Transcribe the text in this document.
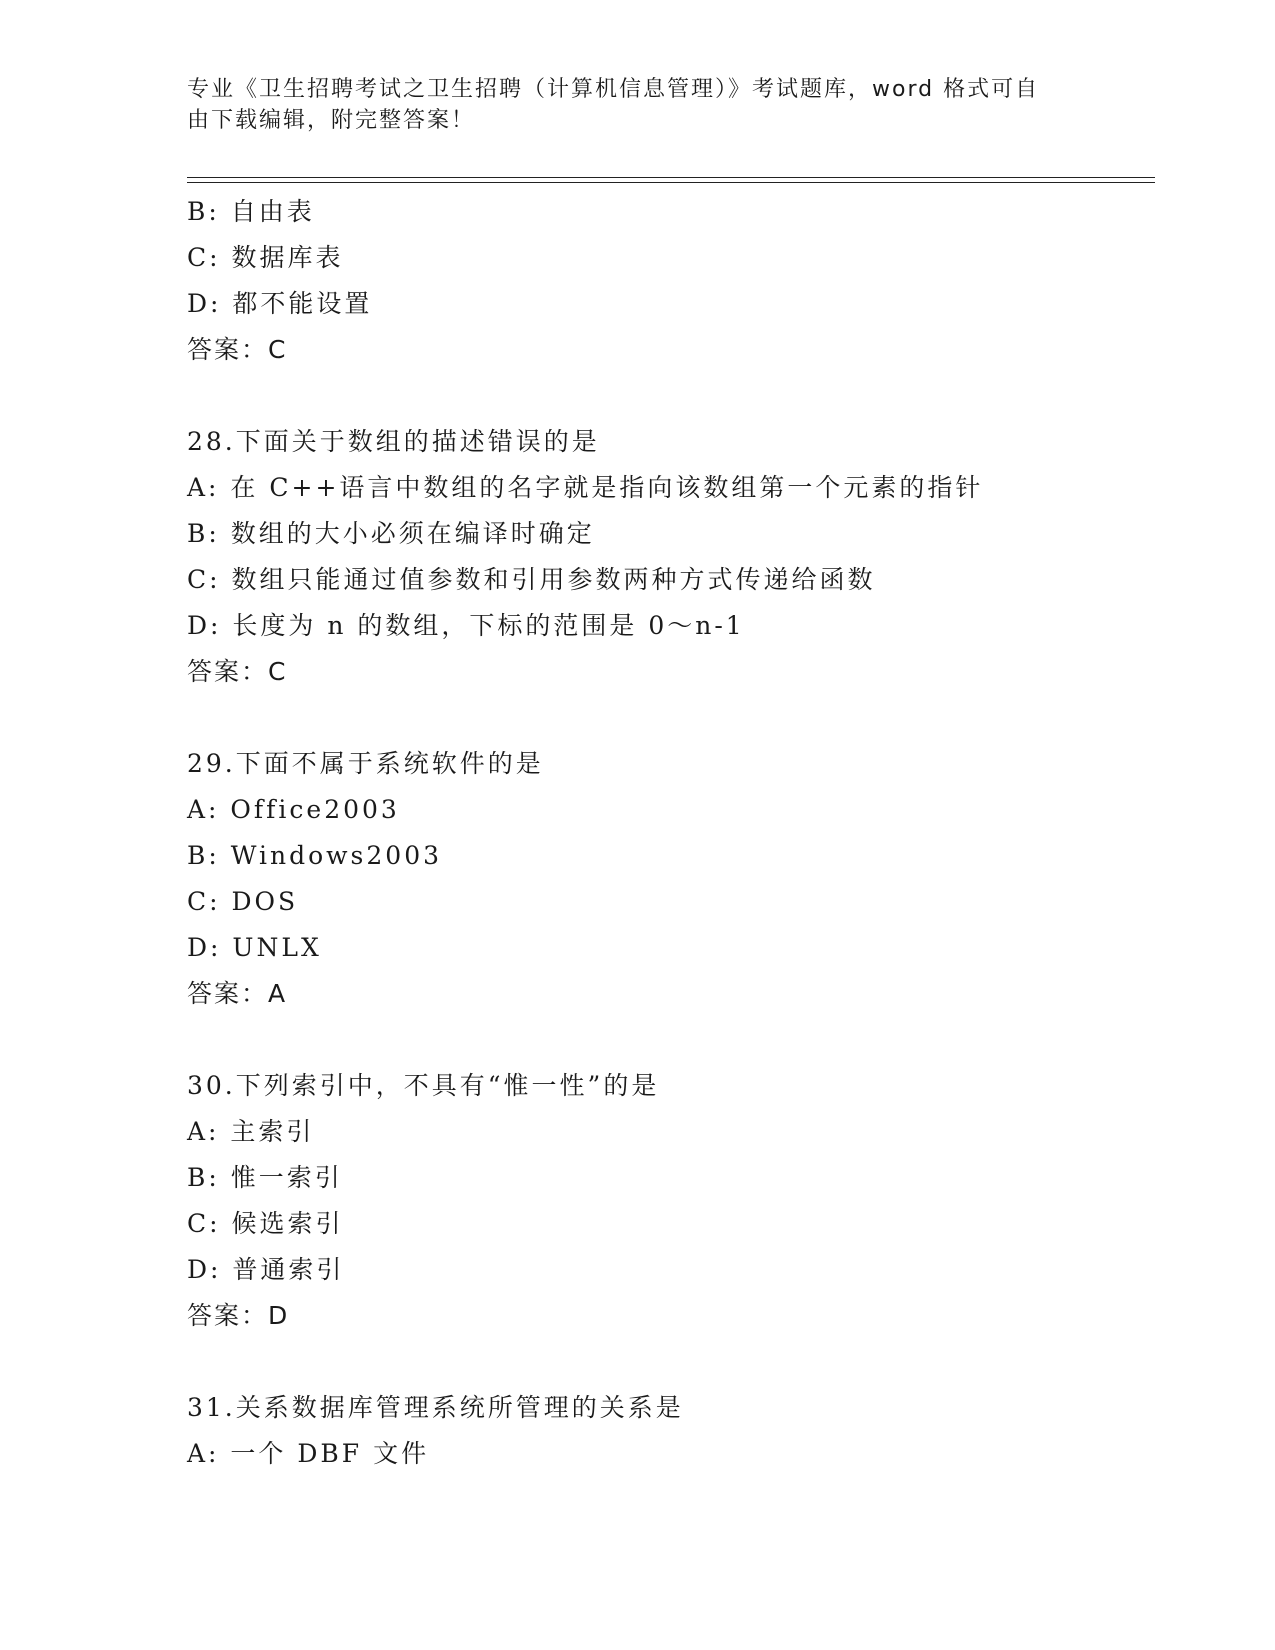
专业《卫生招聘考试之卫生招聘（计算机信息管理）》考试题库，word 格式可自
由下载编辑，附完整答案！
B: 自由表
C: 数据库表
D: 都不能设置
答案：C
28.下面关于数组的描述错误的是
A: 在 C++语言中数组的名字就是指向该数组第一个元素的指针
B: 数组的大小必须在编译时确定
C: 数组只能通过值参数和引用参数两种方式传递给函数
D: 长度为 n 的数组，下标的范围是 0～n-1
答案：C
29.下面不属于系统软件的是
A: Office2003
B: Windows2003
C: DOS
D: UNLX
答案：A
30.下列索引中，不具有“惟一性”的是
A: 主索引
B: 惟一索引
C: 候选索引
D: 普通索引
答案：D
31.关系数据库管理系统所管理的关系是
A: 一个 DBF 文件
